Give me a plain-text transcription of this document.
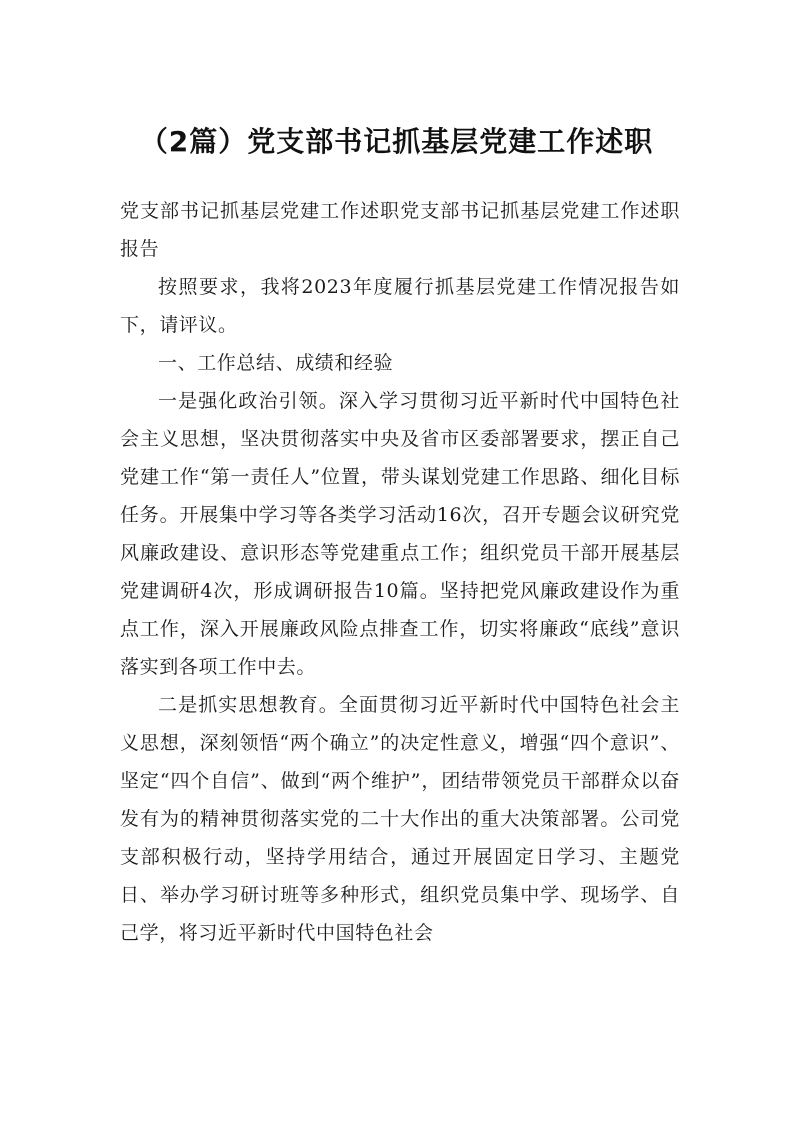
（2篇）党支部书记抓基层党建工作述职

党支部书记抓基层党建工作述职党支部书记抓基层党建工作述职报告

按照要求，我将2023年度履行抓基层党建工作情况报告如下，请评议。

一、工作总结、成绩和经验

一是强化政治引领。深入学习贯彻习近平新时代中国特色社会主义思想，坚决贯彻落实中央及省市区委部署要求，摆正自己党建工作“第一责任人”位置，带头谋划党建工作思路、细化目标任务。开展集中学习等各类学习活动16次，召开专题会议研究党风廉政建设、意识形态等党建重点工作；组织党员干部开展基层党建调研4次，形成调研报告10篇。坚持把党风廉政建设作为重点工作，深入开展廉政风险点排查工作，切实将廉政“底线”意识落实到各项工作中去。

二是抓实思想教育。全面贯彻习近平新时代中国特色社会主义思想，深刻领悟“两个确立”的决定性意义，增强“四个意识”、坚定“四个自信”、做到“两个维护”，团结带领党员干部群众以奋发有为的精神贯彻落实党的二十大作出的重大决策部署。公司党支部积极行动，坚持学用结合，通过开展固定日学习、主题党日、举办学习研讨班等多种形式，组织党员集中学、现场学、自己学，将习近平新时代中国特色社会
